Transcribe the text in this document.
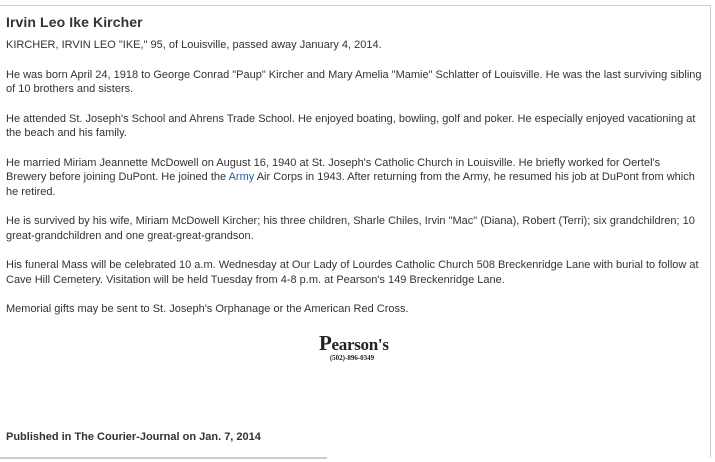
Irvin Leo Ike Kircher

KIRCHER, IRVIN LEO "IKE," 95, of Louisville, passed away January 4, 2014.

He was born April 24, 1918 to George Conrad "Paup" Kircher and Mary Amelia "Mamie" Schlatter of Louisville. He was the last surviving sibling of 10 brothers and sisters.

He attended St. Joseph's School and Ahrens Trade School. He enjoyed boating, bowling, golf and poker. He especially enjoyed vacationing at the beach and his family.

He married Miriam Jeannette McDowell on August 16, 1940 at St. Joseph's Catholic Church in Louisville. He briefly worked for Oertel's Brewery before joining DuPont. He joined the Army Air Corps in 1943. After returning from the Army, he resumed his job at DuPont from which he retired.

He is survived by his wife, Miriam McDowell Kircher; his three children, Sharle Chiles, Irvin "Mac" (Diana), Robert (Terri); six grandchildren; 10 great-grandchildren and one great-great-grandson.

His funeral Mass will be celebrated 10 a.m. Wednesday at Our Lady of Lourdes Catholic Church 508 Breckenridge Lane with burial to follow at Cave Hill Cemetery. Visitation will be held Tuesday from 4-8 p.m. at Pearson's 149 Breckenridge Lane.

Memorial gifts may be sent to St. Joseph's Orphanage or the American Red Cross.

Pearson's
(502)-896-0349

Published in The Courier-Journal on Jan. 7, 2014
